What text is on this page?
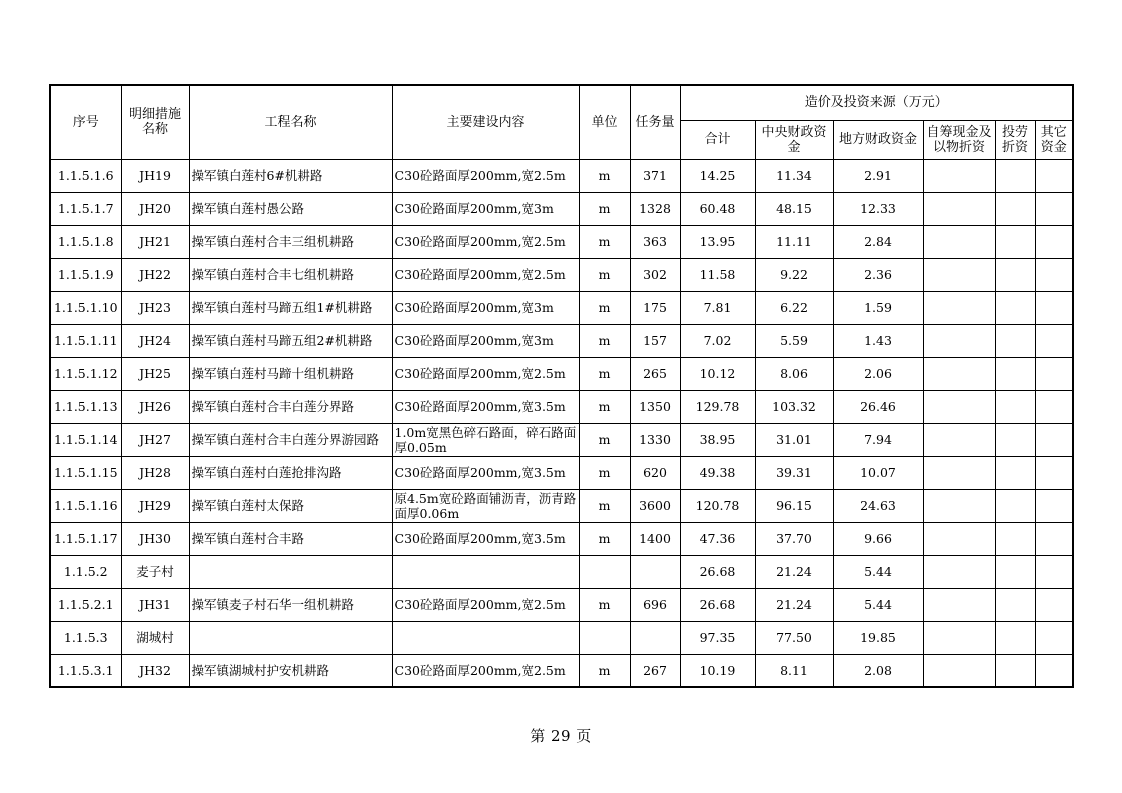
序号	明细措施名称	工程名称	主要建设内容	单位	任务量	造价及投资来源（万元）					
						合计	中央财政资金	地方财政资金	自筹现金及以物折资	投劳折资	其它资金
1.1.5.1.6	JH19	操军镇白莲村6#机耕路	C30砼路面厚200mm,宽2.5m	m	371	14.25	11.34	2.91			
1.1.5.1.7	JH20	操军镇白莲村愚公路	C30砼路面厚200mm,宽3m	m	1328	60.48	48.15	12.33			
1.1.5.1.8	JH21	操军镇白莲村合丰三组机耕路	C30砼路面厚200mm,宽2.5m	m	363	13.95	11.11	2.84			
1.1.5.1.9	JH22	操军镇白莲村合丰七组机耕路	C30砼路面厚200mm,宽2.5m	m	302	11.58	9.22	2.36			
1.1.5.1.10	JH23	操军镇白莲村马蹄五组1#机耕路	C30砼路面厚200mm,宽3m	m	175	7.81	6.22	1.59			
1.1.5.1.11	JH24	操军镇白莲村马蹄五组2#机耕路	C30砼路面厚200mm,宽3m	m	157	7.02	5.59	1.43			
1.1.5.1.12	JH25	操军镇白莲村马蹄十组机耕路	C30砼路面厚200mm,宽2.5m	m	265	10.12	8.06	2.06			
1.1.5.1.13	JH26	操军镇白莲村合丰白莲分界路	C30砼路面厚200mm,宽3.5m	m	1350	129.78	103.32	26.46			
1.1.5.1.14	JH27	操军镇白莲村合丰白莲分界游园路	1.0m宽黑色碎石路面，碎石路面厚0.05m	m	1330	38.95	31.01	7.94			
1.1.5.1.15	JH28	操军镇白莲村白莲抢排沟路	C30砼路面厚200mm,宽3.5m	m	620	49.38	39.31	10.07			
1.1.5.1.16	JH29	操军镇白莲村太保路	原4.5m宽砼路面铺沥青，沥青路面厚0.06m	m	3600	120.78	96.15	24.63			
1.1.5.1.17	JH30	操军镇白莲村合丰路	C30砼路面厚200mm,宽3.5m	m	1400	47.36	37.70	9.66			
1.1.5.2	麦子村					26.68	21.24	5.44			
1.1.5.2.1	JH31	操军镇麦子村石华一组机耕路	C30砼路面厚200mm,宽2.5m	m	696	26.68	21.24	5.44			
1.1.5.3	湖城村					97.35	77.50	19.85			
1.1.5.3.1	JH32	操军镇湖城村护安机耕路	C30砼路面厚200mm,宽2.5m	m	267	10.19	8.11	2.08			
第 29 页
